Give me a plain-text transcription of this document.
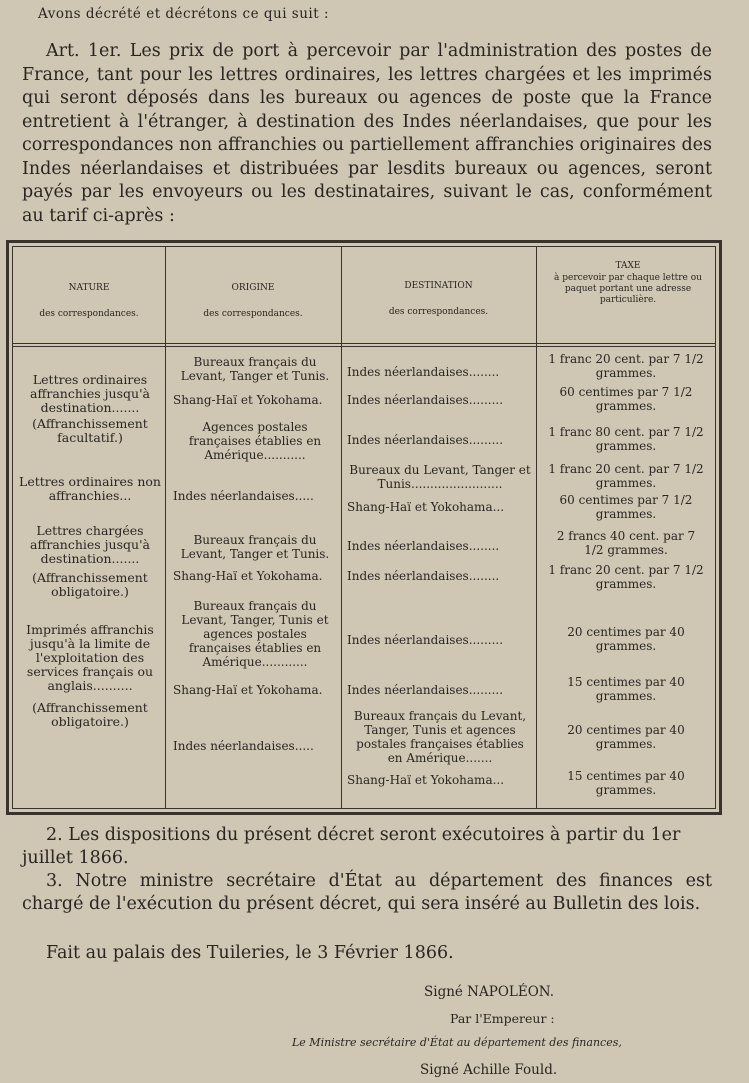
Avons décrété et décrétons ce qui suit :
Art. 1er. Les prix de port à percevoir par l'administration des postes de France, tant pour les lettres ordinaires, les lettres chargées et les imprimés qui seront déposés dans les bureaux ou agences de poste que la France entretient à l'étranger, à destination des Indes néerlandaises, que pour les correspondances non affranchies ou partiellement affranchies originaires des Indes néerlandaises et distribuées par lesdits bureaux ou agences, seront payés par les envoyeurs ou les destinataires, suivant le cas, conformément au tarif ci-après :
NATURE
des correspondances.
ORIGINE
des correspondances.
DESTINATION
des correspondances.
TAXE
à percevoir par chaque lettre ou paquet portant une adresse particulière.
Lettres ordinaires affranchies jusqu'à destination.......
(Affranchissement facultatif.)
Bureaux français du Levant, Tanger et Tunis.
Shang-Haï et Yokohama.
Agences postales françaises établies en Amérique...........
Indes néerlandaises........
Indes néerlandaises.........
Indes néerlandaises.........
1 franc 20 cent. par 7 1/2 grammes.
60 centimes par 7 1/2 grammes.
1 franc 80 cent. par 7 1/2 grammes.
Lettres ordinaires non affranchies...	Indes néerlandaises.....
Bureaux du Levant, Tanger et Tunis........................
Shang-Haï et Yokohama...
1 franc 20 cent. par 7 1/2 grammes.
60 centimes par 7 1/2 grammes.
Lettres chargées affranchies jusqu'à destination.......
(Affranchissement obligatoire.)
Bureaux français du Levant, Tanger et Tunis.
Shang-Haï et Yokohama.
Indes néerlandaises........
Indes néerlandaises........
2 francs 40 cent. par 7 1/2 grammes.
1 franc 20 cent. par 7 1/2 grammes.
Imprimés affranchis jusqu'à la limite de l'exploitation des services français ou anglais..........
(Affranchissement obligatoire.)
Bureaux français du Levant, Tanger, Tunis et agences postales françaises établies en Amérique............
Shang-Haï et Yokohama.
Indes néerlandaises.....
Indes néerlandaises.........
Indes néerlandaises.........
Bureaux français du Levant, Tanger, Tunis et agences postales françaises établies en Amérique.......
Shang-Haï et Yokohama...
20 centimes par 40 grammes.
15 centimes par 40 grammes.
20 centimes par 40 grammes.
15 centimes par 40 grammes.
2. Les dispositions du présent décret seront exécutoires à partir du 1er juillet 1866.
3. Notre ministre secrétaire d'État au département des finances est chargé de l'exécution du présent décret, qui sera inséré au Bulletin des lois.
Fait au palais des Tuileries, le 3 Février 1866.
Signé NAPOLÉON.
Par l'Empereur :
Le Ministre secrétaire d'État au département des finances,
Signé Achille Fould.
